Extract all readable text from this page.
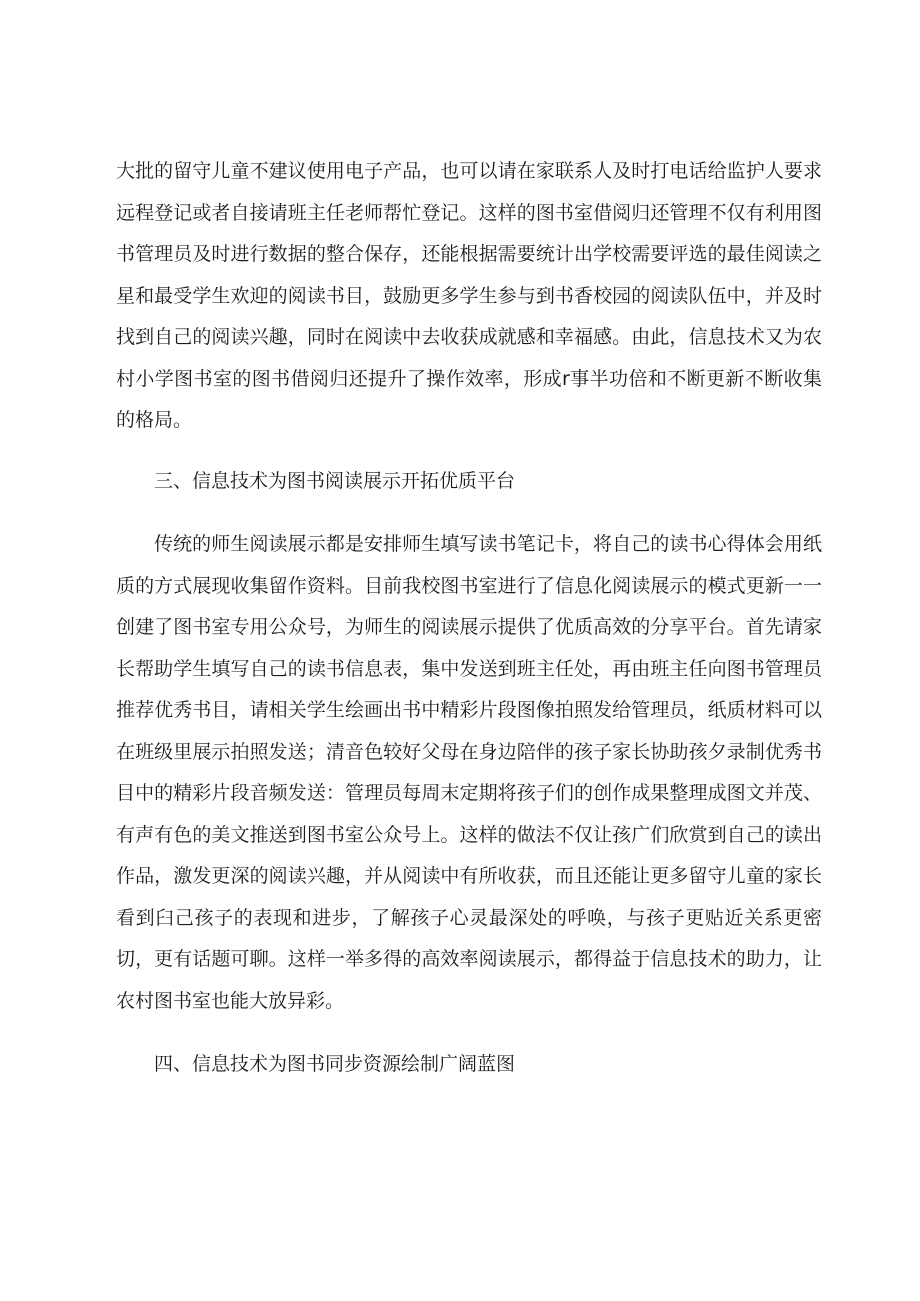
大批的留守儿童不建议使用电子产品，也可以请在家联系人及时打电话给监护人要求远程登记或者自接请班主任老师帮忙登记。这样的图书室借阅归还管理不仅有利用图书管理员及时进行数据的整合保存，还能根据需要统计出学校需要评选的最佳阅读之星和最受学生欢迎的阅读书目，鼓励更多学生参与到书香校园的阅读队伍中，并及时找到自己的阅读兴趣，同时在阅读中去收获成就感和幸福感。由此，信息技术又为农村小学图书室的图书借阅归还提升了操作效率，形成r事半功倍和不断更新不断收集的格局。

三、信息技术为图书阅读展示开拓优质平台

传统的师生阅读展示都是安排师生填写读书笔记卡，将自己的读书心得体会用纸质的方式展现收集留作资料。目前我校图书室进行了信息化阅读展示的模式更新一一创建了图书室专用公众号，为师生的阅读展示提供了优质高效的分享平台。首先请家长帮助学生填写自己的读书信息表，集中发送到班主任处，再由班主任向图书管理员推荐优秀书目，请相关学生绘画出书中精彩片段图像拍照发给管理员，纸质材料可以在班级里展示拍照发送；清音色较好父母在身边陪伴的孩子家长协助孩夕录制优秀书目中的精彩片段音频发送：管理员每周末定期将孩子们的创作成果整理成图文并茂、有声有色的美文推送到图书室公众号上。这样的做法不仅让孩广们欣赏到自己的读出作品，激发更深的阅读兴趣，并从阅读中有所收获，而且还能让更多留守儿童的家长看到臼己孩子的表现和进步，了解孩子心灵最深处的呼唤，与孩子更贴近关系更密切，更有话题可聊。这样一举多得的高效率阅读展示，都得益于信息技术的助力，让农村图书室也能大放异彩。

四、信息技术为图书同步资源绘制广阔蓝图
